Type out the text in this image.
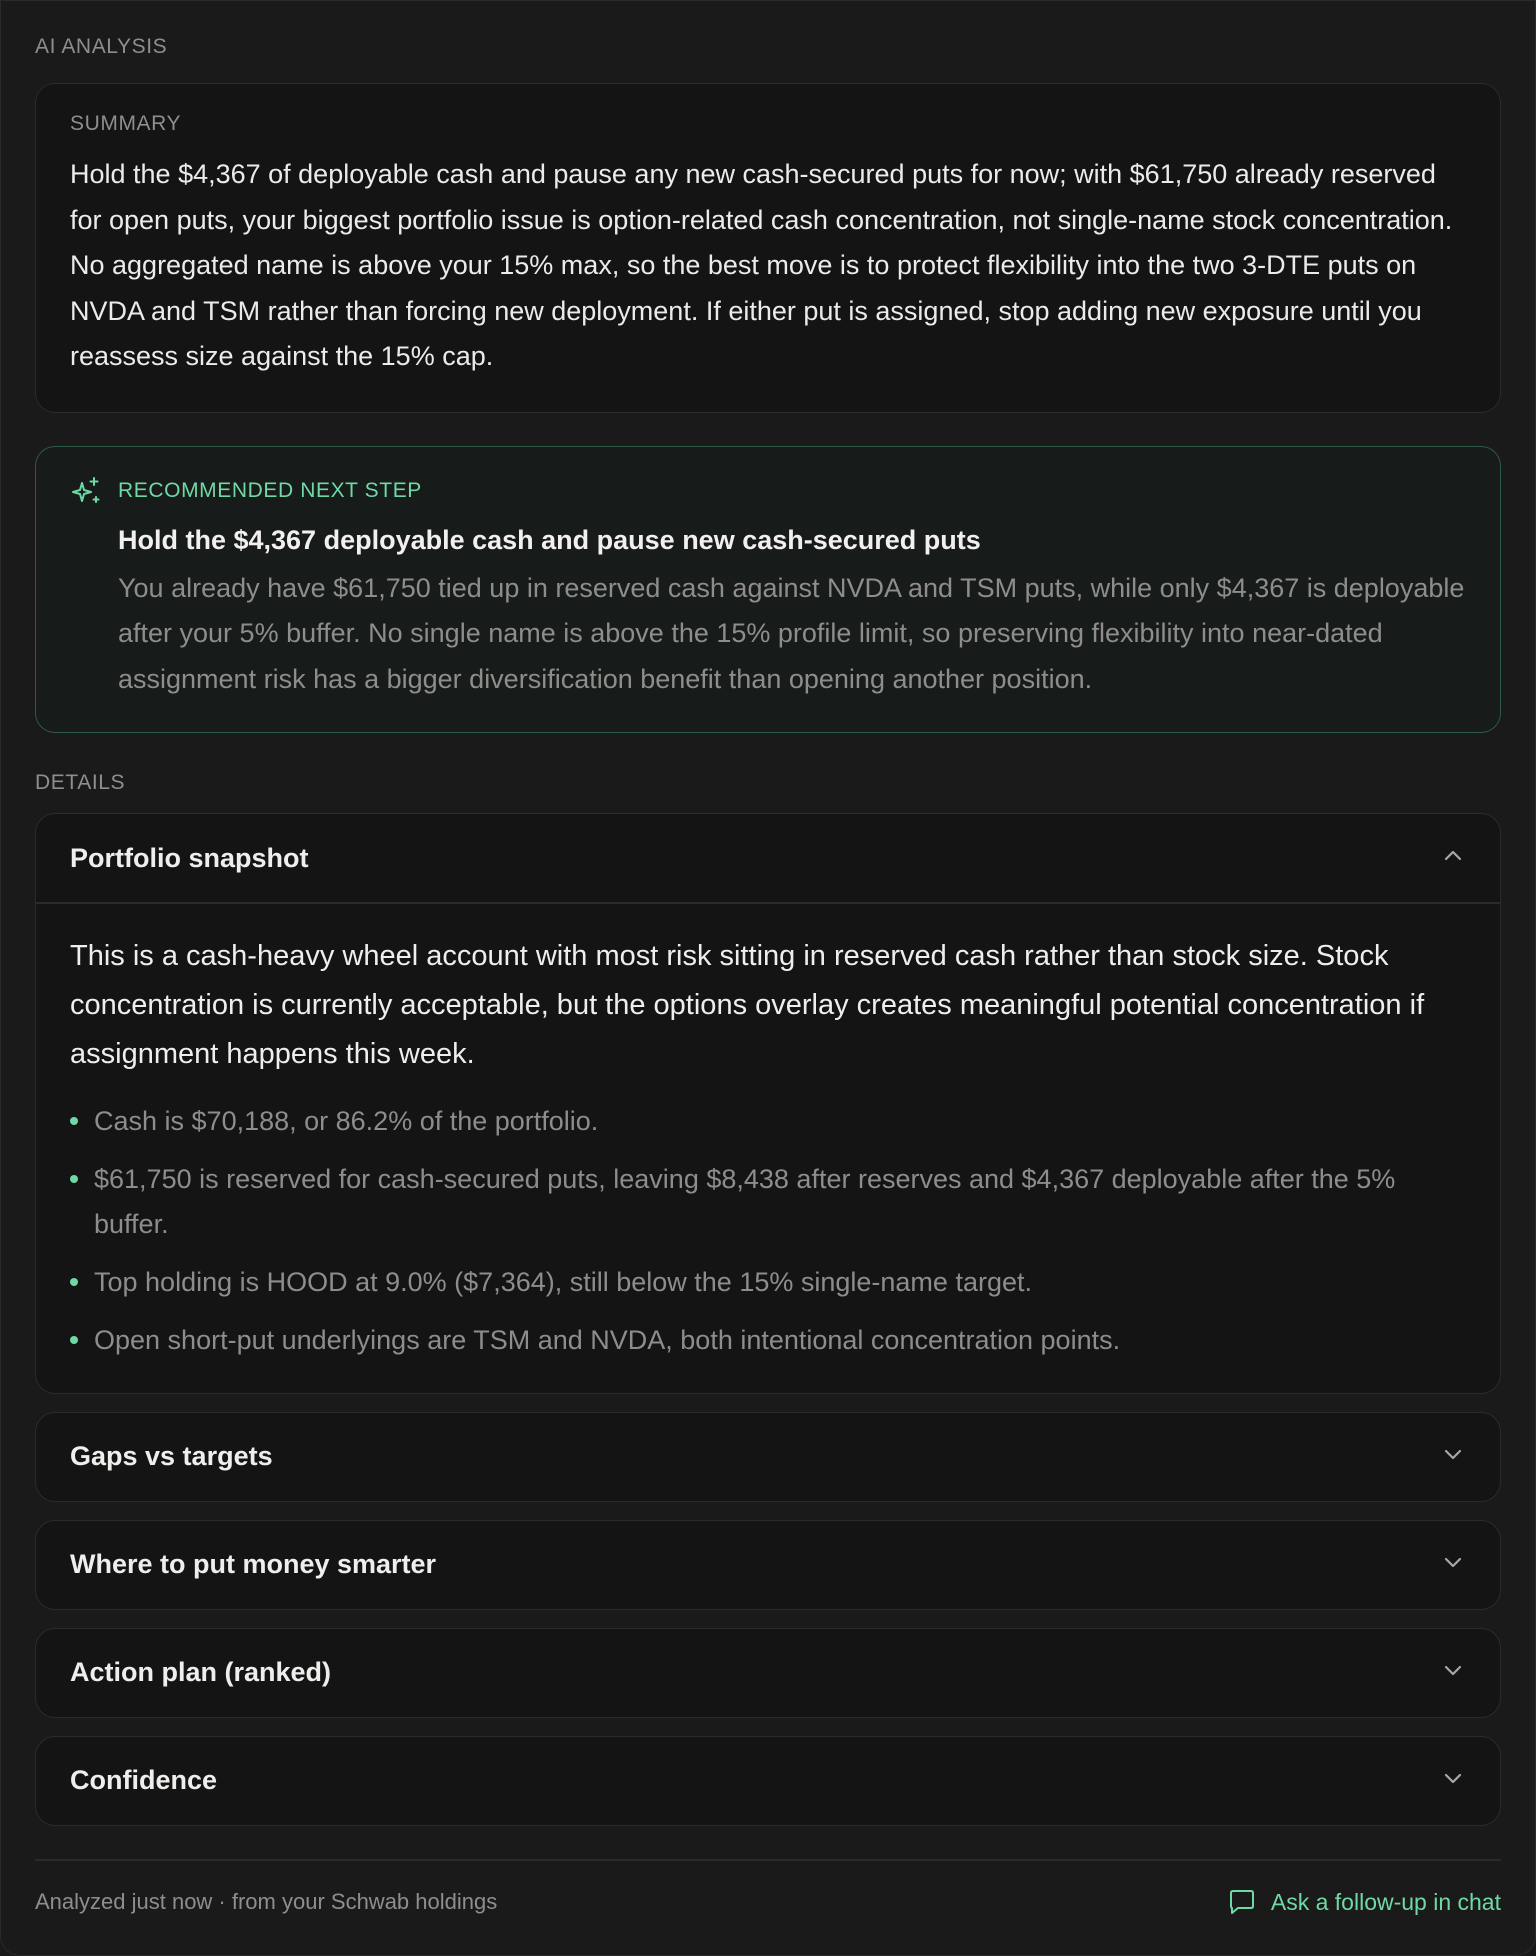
AI ANALYSIS
SUMMARY
Hold the $4,367 of deployable cash and pause any new cash-secured puts for now; with $61,750 already reserved for open puts, your biggest portfolio issue is option-related cash concentration, not single-name stock concentration. No aggregated name is above your 15% max, so the best move is to protect flexibility into the two 3-DTE puts on NVDA and TSM rather than forcing new deployment. If either put is assigned, stop adding new exposure until you reassess size against the 15% cap.
RECOMMENDED NEXT STEP
Hold the $4,367 deployable cash and pause new cash-secured puts
You already have $61,750 tied up in reserved cash against NVDA and TSM puts, while only $4,367 is deployable after your 5% buffer. No single name is above the 15% profile limit, so preserving flexibility into near-dated assignment risk has a bigger diversification benefit than opening another position.
DETAILS
Portfolio snapshot
This is a cash-heavy wheel account with most risk sitting in reserved cash rather than stock size. Stock concentration is currently acceptable, but the options overlay creates meaningful potential concentration if assignment happens this week.
Cash is $70,188, or 86.2% of the portfolio.
$61,750 is reserved for cash-secured puts, leaving $8,438 after reserves and $4,367 deployable after the 5% buffer.
Top holding is HOOD at 9.0% ($7,364), still below the 15% single-name target.
Open short-put underlyings are TSM and NVDA, both intentional concentration points.
Gaps vs targets
Where to put money smarter
Action plan (ranked)
Confidence
Analyzed just now · from your Schwab holdings	Ask a follow-up in chat
